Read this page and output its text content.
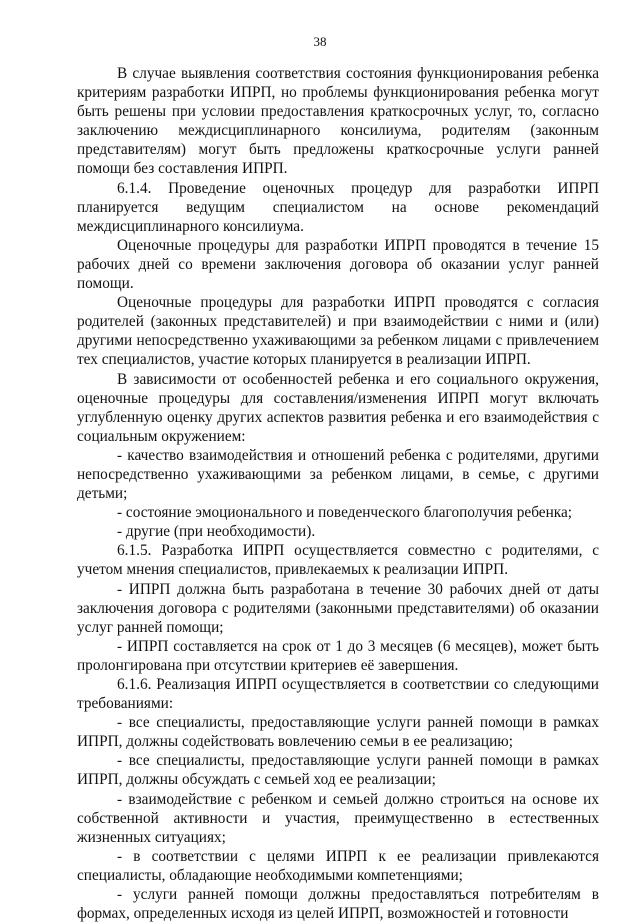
38

В случае выявления соответствия состояния функционирования ребенка критериям разработки ИПРП, но проблемы функционирования ребенка могут быть решены при условии предоставления краткосрочных услуг, то, согласно заключению междисциплинарного консилиума, родителям (законным представителям) могут быть предложены краткосрочные услуги ранней помощи без составления ИПРП.

6.1.4. Проведение оценочных процедур для разработки ИПРП планируется ведущим специалистом на основе рекомендаций междисциплинарного консилиума.

Оценочные процедуры для разработки ИПРП проводятся в течение 15 рабочих дней со времени заключения договора об оказании услуг ранней помощи.

Оценочные процедуры для разработки ИПРП проводятся с согласия родителей (законных представителей) и при взаимодействии с ними и (или) другими непосредственно ухаживающими за ребенком лицами с привлечением тех специалистов, участие которых планируется в реализации ИПРП.

В зависимости от особенностей ребенка и его социального окружения, оценочные процедуры для составления/изменения ИПРП могут включать углубленную оценку других аспектов развития ребенка и его взаимодействия с социальным окружением:

- качество взаимодействия и отношений ребенка с родителями, другими непосредственно ухаживающими за ребенком лицами, в семье, с другими детьми;

- состояние эмоционального и поведенческого благополучия ребенка;

- другие (при необходимости).

6.1.5. Разработка ИПРП осуществляется совместно с родителями, с учетом мнения специалистов, привлекаемых к реализации ИПРП.

- ИПРП должна быть разработана в течение 30 рабочих дней от даты заключения договора с родителями (законными представителями) об оказании услуг ранней помощи;

- ИПРП составляется на срок от 1 до 3 месяцев (6 месяцев), может быть пролонгирована при отсутствии критериев её завершения.

6.1.6. Реализация ИПРП осуществляется в соответствии со следующими требованиями:

- все специалисты, предоставляющие услуги ранней помощи в рамках ИПРП, должны содействовать вовлечению семьи в ее реализацию;

- все специалисты, предоставляющие услуги ранней помощи в рамках ИПРП, должны обсуждать с семьей ход ее реализации;

- взаимодействие с ребенком и семьей должно строиться на основе их собственной активности и участия, преимущественно в естественных жизненных ситуациях;

- в соответствии с целями ИПРП к ее реализации привлекаются специалисты, обладающие необходимыми компетенциями;

- услуги ранней помощи должны предоставляться потребителям в формах, определенных исходя из целей ИПРП, возможностей и готовности
